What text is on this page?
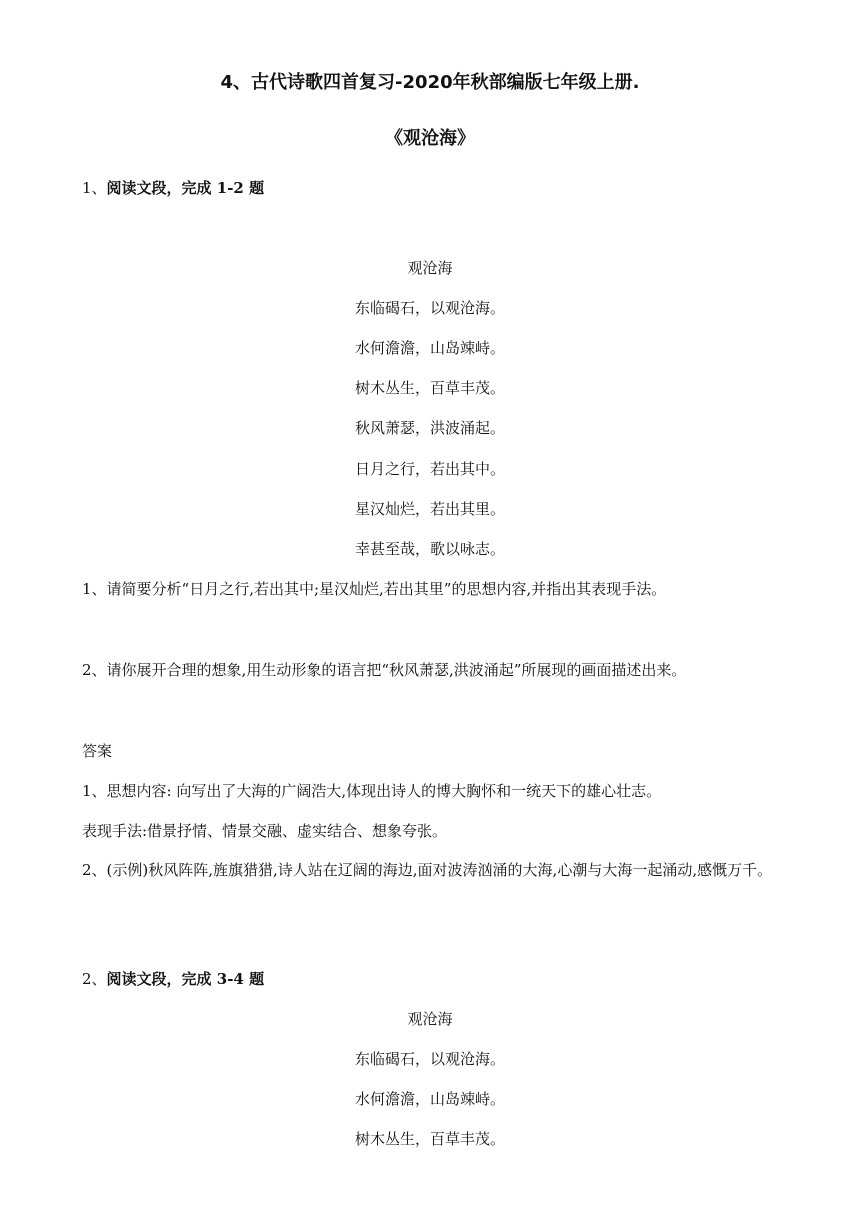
4、古代诗歌四首复习-2020年秋部编版七年级上册.
《观沧海》
1、阅读文段，完成 1-2 题
观沧海
东临碣石，以观沧海。
水何澹澹，山岛竦峙。
树木丛生，百草丰茂。
秋风萧瑟，洪波涌起。
日月之行，若出其中。
星汉灿烂，若出其里。
幸甚至哉，歌以咏志。
1、请简要分析“日月之行,若出其中;星汉灿烂,若出其里”的思想内容,并指出其表现手法。
2、请你展开合理的想象,用生动形象的语言把“秋风萧瑟,洪波涌起”所展现的画面描述出来。
答案
1、思想内容: 向写出了大海的广阔浩大,体现出诗人的博大胸怀和一统天下的雄心壮志。
表现手法:借景抒情、情景交融、虚实结合、想象夸张。
2、(示例)秋风阵阵,旌旗猎猎,诗人站在辽阔的海边,面对波涛汹涌的大海,心潮与大海一起涌动,感慨万千。
2、阅读文段，完成 3-4 题
观沧海
东临碣石，以观沧海。
水何澹澹，山岛竦峙。
树木丛生，百草丰茂。
